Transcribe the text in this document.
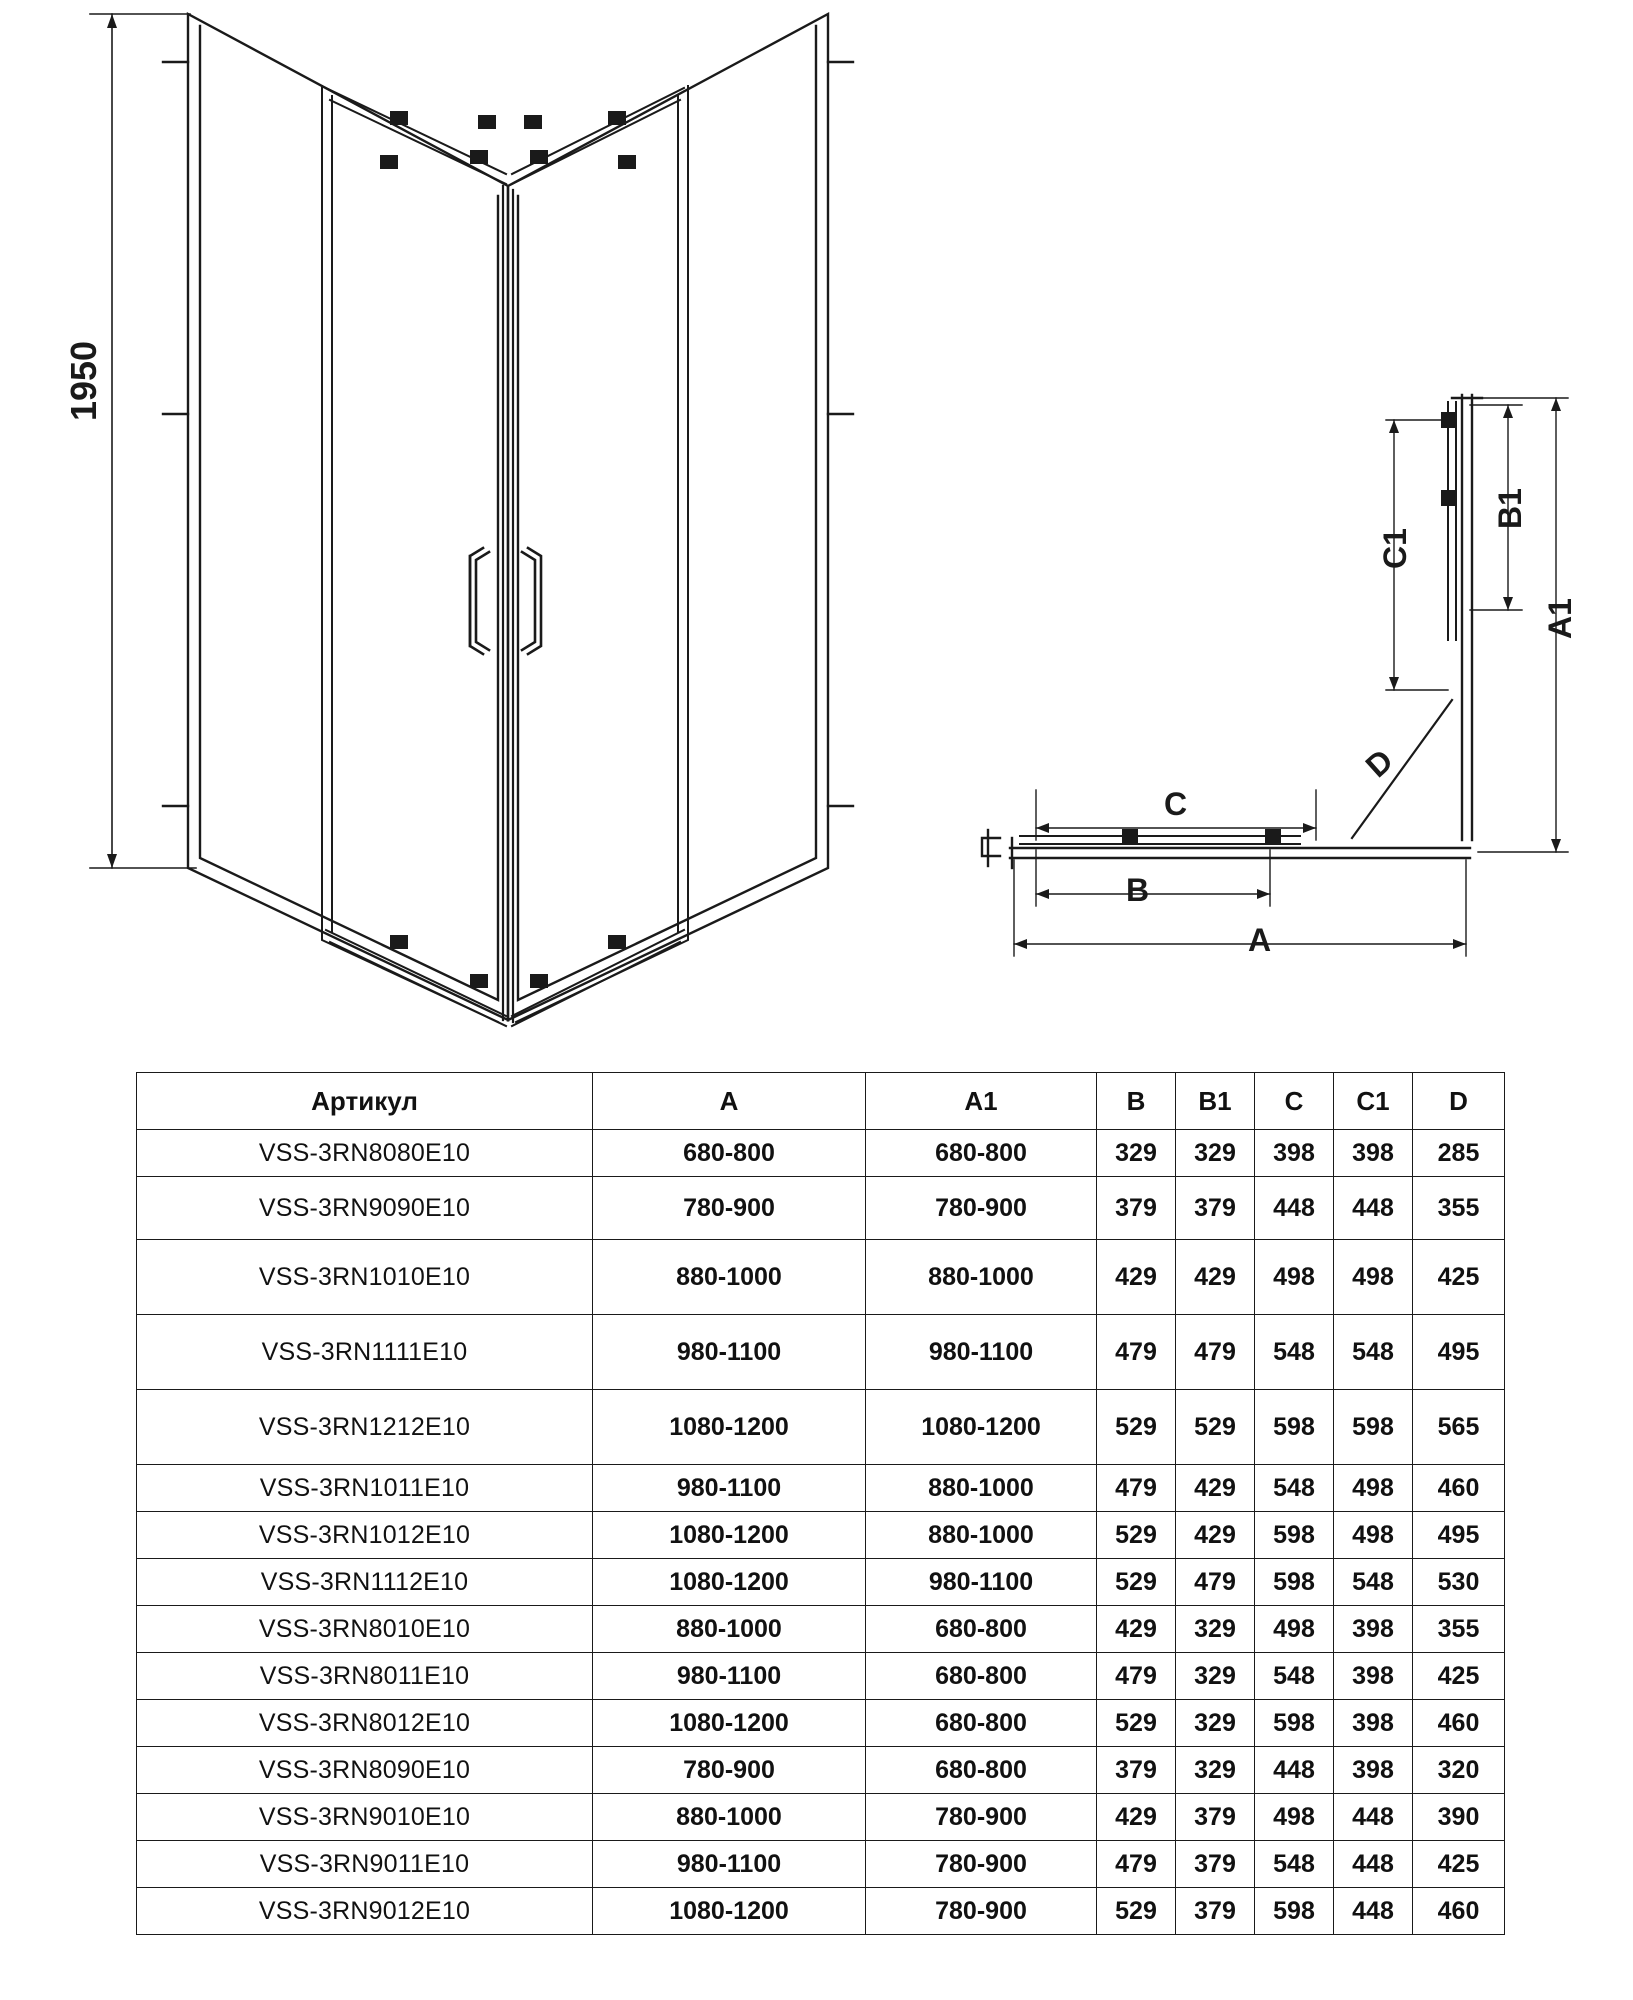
1950
C1
B1
A1
D
C
B
A
Артикул	A	A1	B	B1	C	C1	D
VSS-3RN8080E10	680-800	680-800	329	329	398	398	285
VSS-3RN9090E10	780-900	780-900	379	379	448	448	355
VSS-3RN1010E10	880-1000	880-1000	429	429	498	498	425
VSS-3RN1111E10	980-1100	980-1100	479	479	548	548	495
VSS-3RN1212E10	1080-1200	1080-1200	529	529	598	598	565
VSS-3RN1011E10	980-1100	880-1000	479	429	548	498	460
VSS-3RN1012E10	1080-1200	880-1000	529	429	598	498	495
VSS-3RN1112E10	1080-1200	980-1100	529	479	598	548	530
VSS-3RN8010E10	880-1000	680-800	429	329	498	398	355
VSS-3RN8011E10	980-1100	680-800	479	329	548	398	425
VSS-3RN8012E10	1080-1200	680-800	529	329	598	398	460
VSS-3RN8090E10	780-900	680-800	379	329	448	398	320
VSS-3RN9010E10	880-1000	780-900	429	379	498	448	390
VSS-3RN9011E10	980-1100	780-900	479	379	548	448	425
VSS-3RN9012E10	1080-1200	780-900	529	379	598	448	460
